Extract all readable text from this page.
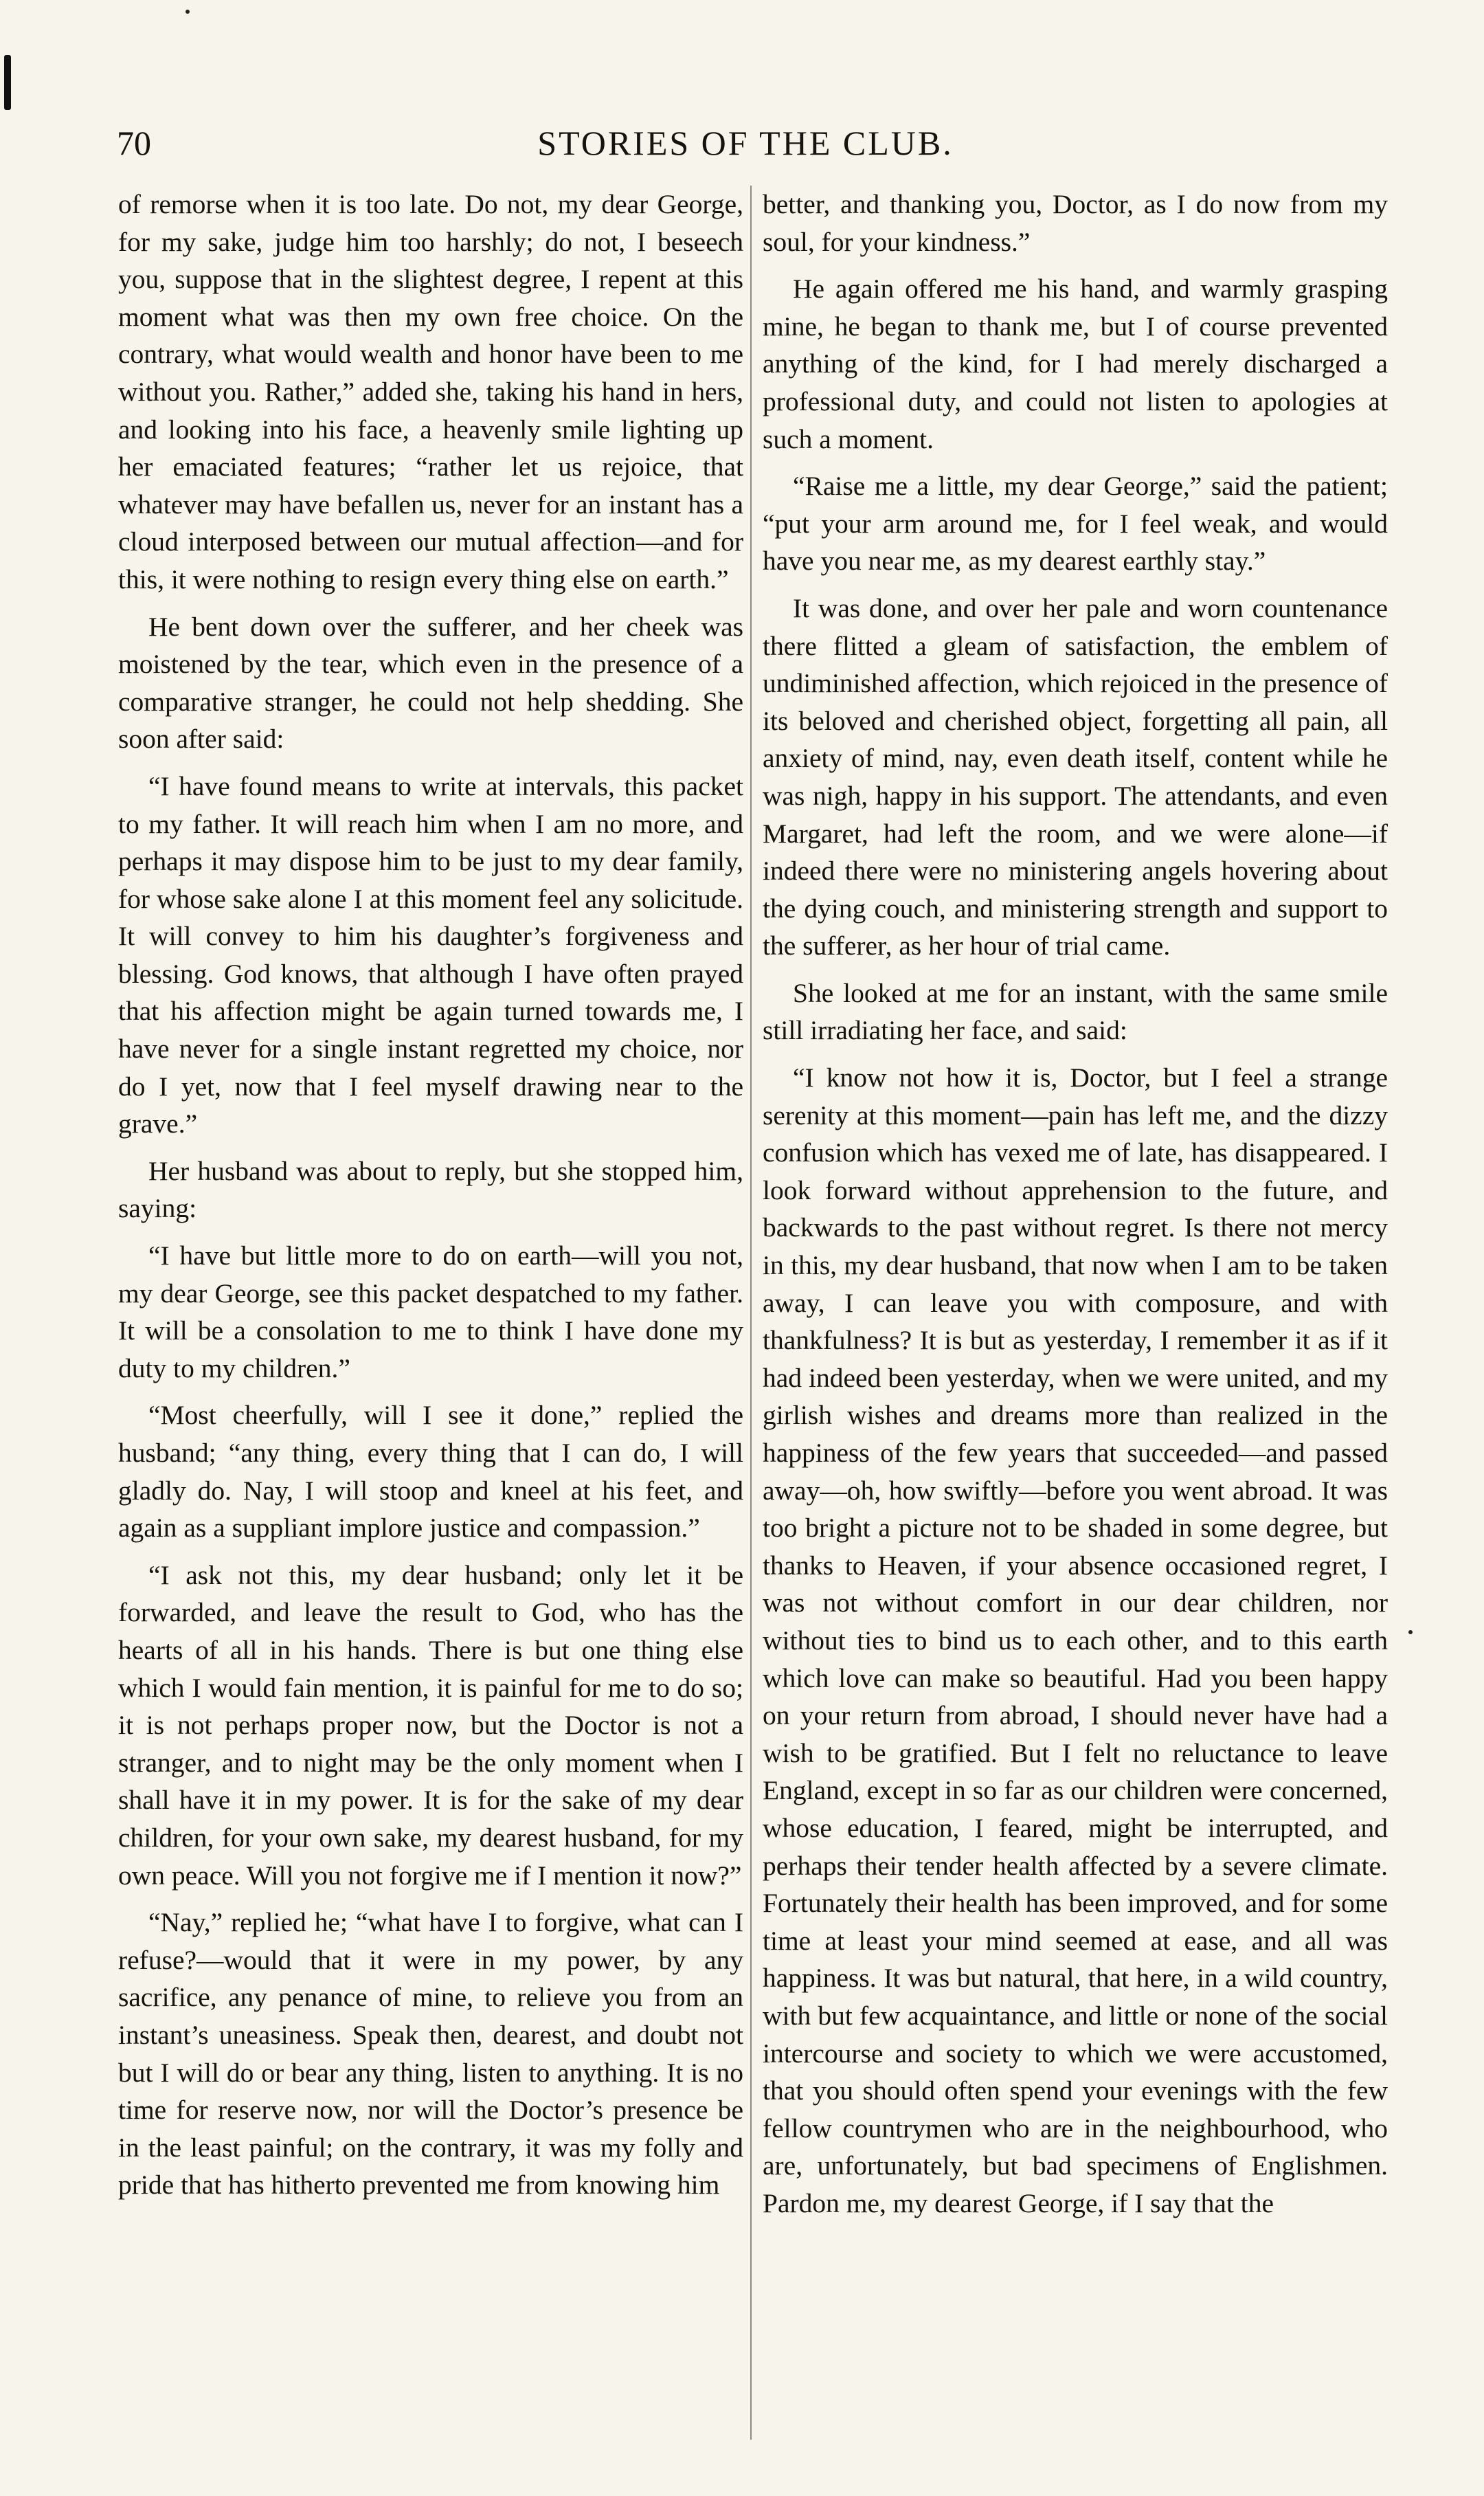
70	STORIES OF THE CLUB.

of remorse when it is too late. Do not, my dear George, for my sake, judge him too harshly; do not, I beseech you, suppose that in the slightest degree, I repent at this moment what was then my own free choice. On the contrary, what would wealth and honor have been to me without you. Rather,” added she, taking his hand in hers, and looking into his face, a heavenly smile lighting up her emaciated features; “rather let us rejoice, that whatever may have befallen us, never for an instant has a cloud interposed between our mutual affection—and for this, it were nothing to resign every thing else on earth.”

He bent down over the sufferer, and her cheek was moistened by the tear, which even in the presence of a comparative stranger, he could not help shedding. She soon after said:

“I have found means to write at intervals, this packet to my father. It will reach him when I am no more, and perhaps it may dispose him to be just to my dear family, for whose sake alone I at this moment feel any solicitude. It will convey to him his daughter’s forgiveness and blessing. God knows, that although I have often prayed that his affection might be again turned towards me, I have never for a single instant regretted my choice, nor do I yet, now that I feel myself drawing near to the grave.”

Her husband was about to reply, but she stopped him, saying:

“I have but little more to do on earth—will you not, my dear George, see this packet despatched to my father. It will be a consolation to me to think I have done my duty to my children.”

“Most cheerfully, will I see it done,” replied the husband; “any thing, every thing that I can do, I will gladly do. Nay, I will stoop and kneel at his feet, and again as a suppliant implore justice and compassion.”

“I ask not this, my dear husband; only let it be forwarded, and leave the result to God, who has the hearts of all in his hands. There is but one thing else which I would fain mention, it is painful for me to do so; it is not perhaps proper now, but the Doctor is not a stranger, and to night may be the only moment when I shall have it in my power. It is for the sake of my dear children, for your own sake, my dearest husband, for my own peace. Will you not forgive me if I mention it now?”

“Nay,” replied he; “what have I to forgive, what can I refuse?—would that it were in my power, by any sacrifice, any penance of mine, to relieve you from an instant’s uneasiness. Speak then, dearest, and doubt not but I will do or bear any thing, listen to anything. It is no time for reserve now, nor will the Doctor’s presence be in the least painful; on the contrary, it was my folly and pride that has hitherto prevented me from knowing him

better, and thanking you, Doctor, as I do now from my soul, for your kindness.”

He again offered me his hand, and warmly grasping mine, he began to thank me, but I of course prevented anything of the kind, for I had merely discharged a professional duty, and could not listen to apologies at such a moment.

“Raise me a little, my dear George,” said the patient; “put your arm around me, for I feel weak, and would have you near me, as my dearest earthly stay.”

It was done, and over her pale and worn countenance there flitted a gleam of satisfaction, the emblem of undiminished affection, which rejoiced in the presence of its beloved and cherished object, forgetting all pain, all anxiety of mind, nay, even death itself, content while he was nigh, happy in his support. The attendants, and even Margaret, had left the room, and we were alone—if indeed there were no ministering angels hovering about the dying couch, and ministering strength and support to the sufferer, as her hour of trial came.

She looked at me for an instant, with the same smile still irradiating her face, and said:

“I know not how it is, Doctor, but I feel a strange serenity at this moment—pain has left me, and the dizzy confusion which has vexed me of late, has disappeared. I look forward without apprehension to the future, and backwards to the past without regret. Is there not mercy in this, my dear husband, that now when I am to be taken away, I can leave you with composure, and with thankfulness? It is but as yesterday, I remember it as if it had indeed been yesterday, when we were united, and my girlish wishes and dreams more than realized in the happiness of the few years that succeeded—and passed away—oh, how swiftly—before you went abroad. It was too bright a picture not to be shaded in some degree, but thanks to Heaven, if your absence occasioned regret, I was not without comfort in our dear children, nor without ties to bind us to each other, and to this earth which love can make so beautiful. Had you been happy on your return from abroad, I should never have had a wish to be gratified. But I felt no reluctance to leave England, except in so far as our children were concerned, whose education, I feared, might be interrupted, and perhaps their tender health affected by a severe climate. Fortunately their health has been improved, and for some time at least your mind seemed at ease, and all was happiness. It was but natural, that here, in a wild country, with but few acquaintance, and little or none of the social intercourse and society to which we were accustomed, that you should often spend your evenings with the few fellow countrymen who are in the neighbourhood, who are, unfortunately, but bad specimens of Englishmen. Pardon me, my dearest George, if I say that the
